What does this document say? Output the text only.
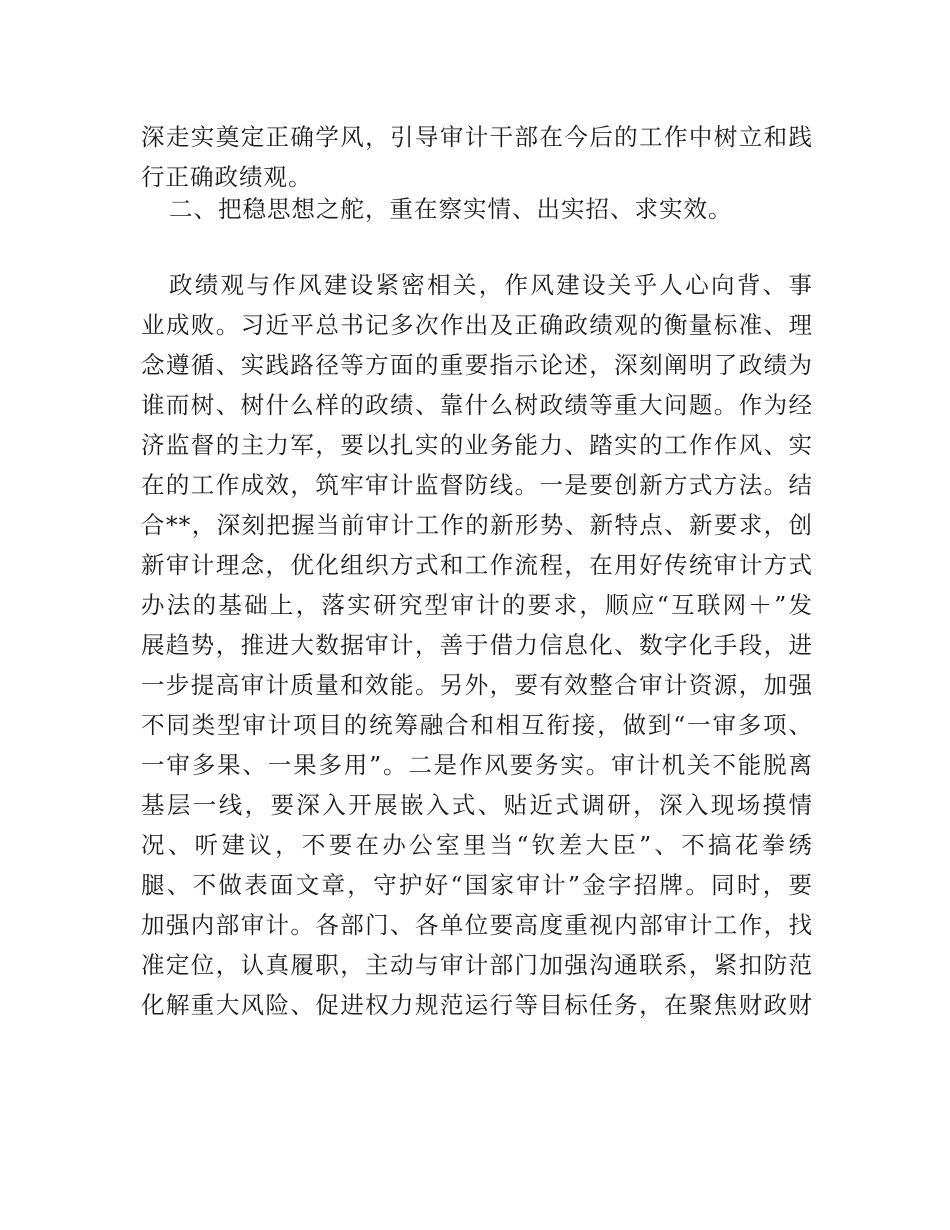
深走实奠定正确学风，引导审计干部在今后的工作中树立和践
行正确政绩观。
二、把稳思想之舵，重在察实情、出实招、求实效。
政绩观与作风建设紧密相关，作风建设关乎人心向背、事
业成败。习近平总书记多次作出及正确政绩观的衡量标准、理
念遵循、实践路径等方面的重要指示论述，深刻阐明了政绩为
谁而树、树什么样的政绩、靠什么树政绩等重大问题。作为经
济监督的主力军，要以扎实的业务能力、踏实的工作作风、实
在的工作成效，筑牢审计监督防线。一是要创新方式方法。结
合**，深刻把握当前审计工作的新形势、新特点、新要求，创
新审计理念，优化组织方式和工作流程，在用好传统审计方式
办法的基础上，落实研究型审计的要求，顺应“互联网＋”发
展趋势，推进大数据审计，善于借力信息化、数字化手段，进
一步提高审计质量和效能。另外，要有效整合审计资源，加强
不同类型审计项目的统筹融合和相互衔接，做到“一审多项、
一审多果、一果多用”。二是作风要务实。审计机关不能脱离
基层一线，要深入开展嵌入式、贴近式调研，深入现场摸情
况、听建议，不要在办公室里当“钦差大臣”、不搞花拳绣
腿、不做表面文章，守护好“国家审计”金字招牌。同时，要
加强内部审计。各部门、各单位要高度重视内部审计工作，找
准定位，认真履职，主动与审计部门加强沟通联系，紧扣防范
化解重大风险、促进权力规范运行等目标任务，在聚焦财政财
